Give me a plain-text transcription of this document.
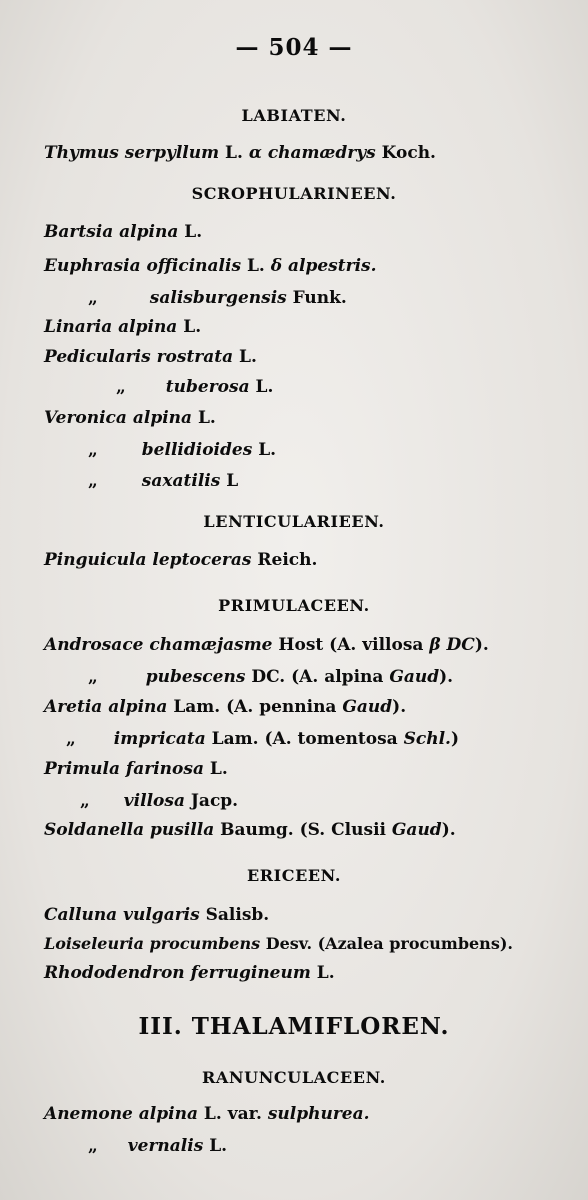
— 504 —
LABIATEN.
Thymus serpyllum L. α chamædrys Koch.
SCROPHULARINEEN.
Bartsia alpina L.
Euphrasia officinalis L. δ alpestris.
„	salisburgensis Funk.
Linaria alpina L.
Pedicularis rostrata L.
„ tuberosa L.
Veronica alpina L.
„	bellidioides L.
„	saxatilis L
LENTICULARIEEN.
Pinguicula leptoceras Reich.
PRIMULACEEN.
Androsace chamæjasme Host (A. villosa β DC).
„	pubescens DC. (A. alpina Gaud).
Aretia alpina Lam. (A. pennina Gaud).
„ impricata Lam. (A. tomentosa Schl.)
Primula farinosa L.
„ villosa Jacp.
Soldanella pusilla Baumg. (S. Clusii Gaud).
ERICEEN.
Calluna vulgaris Salisb.
Loiseleuria procumbens Desv. (Azalea procumbens).
Rhododendron ferrugineum L.
III. THALAMIFLOREN.
RANUNCULACEEN.
Anemone alpina L. var. sulphurea.
„ vernalis L.
